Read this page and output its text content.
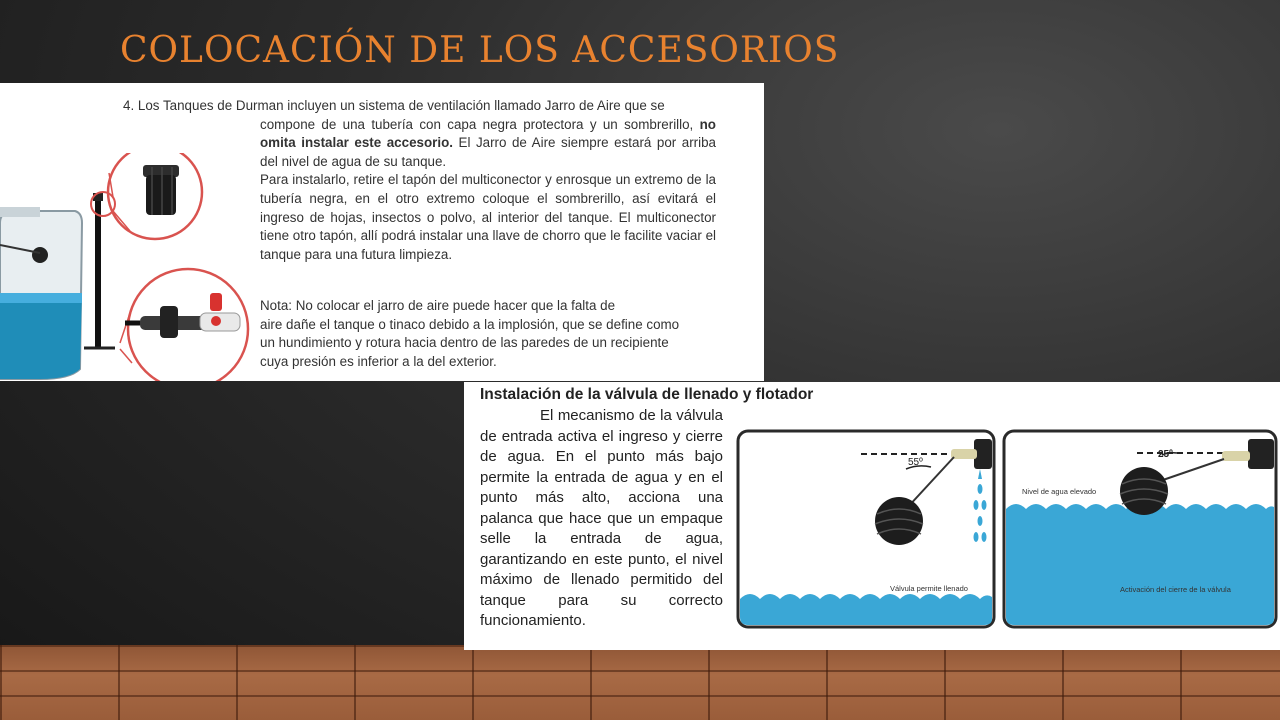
COLOCACIÓN DE LOS ACCESORIOS
4. Los Tanques de Durman incluyen un sistema de ventilación llamado Jarro de Aire que se

compone de una tubería con capa negra protectora y un sombrerillo, no omita instalar este accesorio. El Jarro de Aire siempre estará por arriba del nivel de agua de su tanque.

Para instalarlo, retire el tapón del multiconector y enrosque un extremo de la tubería negra, en el otro extremo coloque el sombrerillo, así evitará el ingreso de hojas, insectos o polvo, al interior del tanque. El multiconector tiene otro tapón, allí podrá instalar una llave de chorro que le facilite vaciar el tanque para una futura limpieza.

Nota: No colocar el jarro de aire puede hacer que la falta de
aire dañe el tanque o tinaco debido a la implosión, que se define como
un hundimiento y rotura hacia dentro de las paredes de un recipiente
cuya presión es inferior a la del exterior.
Instalación de la válvula de llenado y flotador
El mecanismo de la válvula de entrada activa el ingreso y cierre de agua. En el punto más bajo permite la entrada de agua y en el punto más alto, acciona una palanca que hace que un empaque selle la entrada de agua, garantizando en este punto, el nivel máximo de llenado permitido del tanque para su correcto funcionamiento.
55º
Válvula permite llenado
25º
Nivel de agua elevado
Activación del cierre de la válvula
